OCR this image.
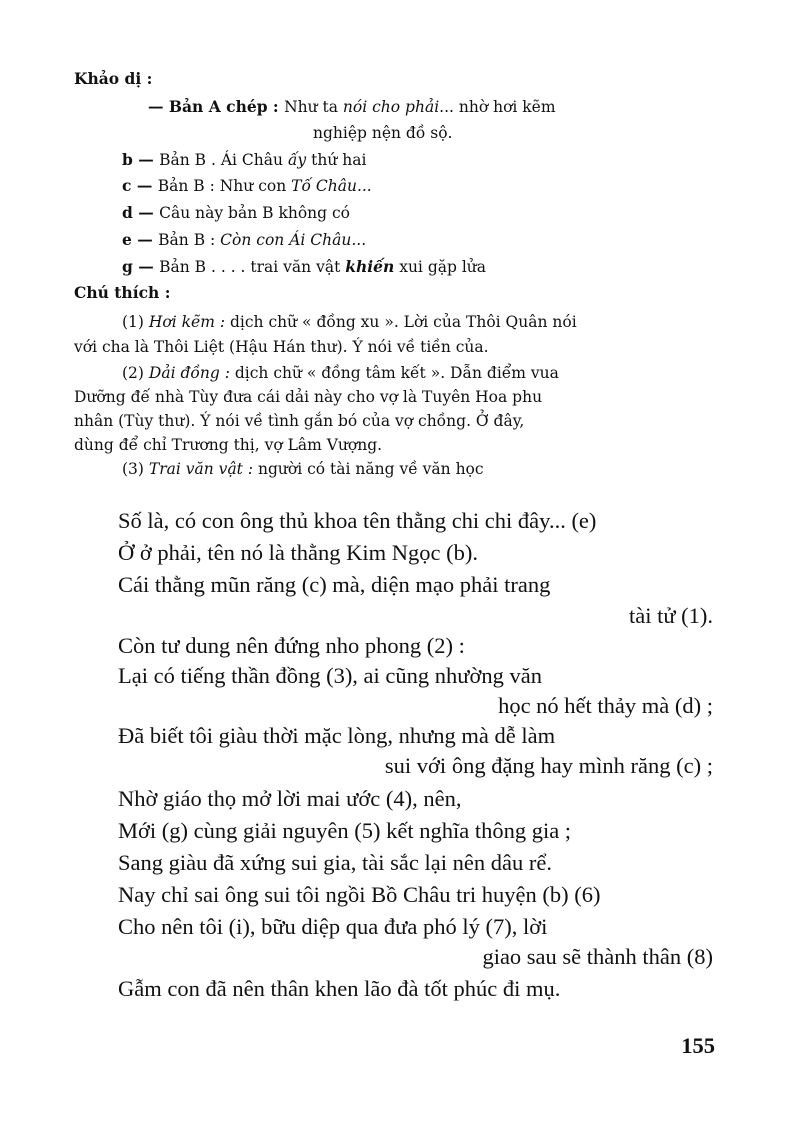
Khảo dị :
— Bản A chép : Như ta nói cho phải... nhờ hơi kẽm
nghiệp nện đồ sộ.
b — Bản B . Ái Châu ấy thứ hai
c — Bản B : Như con Tố Châu...
d — Câu này bản B không có
e — Bản B : Còn con Ái Châu...
g — Bản B . . . . trai văn vật khiến xui gặp lửa
Chú thích :
(1) Hơi kẽm : dịch chữ « đồng xu ». Lời của Thôi Quân nói
với cha là Thôi Liệt (Hậu Hán thư). Ý nói về tiền của.
(2) Dải đồng : dịch chữ « đồng tâm kết ». Dẫn điểm vua
Dưỡng đế nhà Tùy đưa cái dải này cho vợ là Tuyên Hoa phu
nhân (Tùy thư). Ý nói về tình gắn bó của vợ chồng. Ở đây,
dùng để chỉ Trương thị, vợ Lâm Vượng.
(3) Trai văn vật : người có tài năng về văn học
Số là, có con ông thủ khoa tên thằng chi chi đây... (e)
Ở ở phải, tên nó là thằng Kim Ngọc (b).
Cái thằng mũn răng (c) mà, diện mạo phải trang
tài tử (1).
Còn tư dung nên đứng nho phong (2) :
Lại có tiếng thần đồng (3), ai cũng nhường văn
học nó hết thảy mà (d) ;
Đã biết tôi giàu thời mặc lòng, nhưng mà dễ làm
sui với ông đặng hay mình răng (c) ;
Nhờ giáo thọ mở lời mai ước (4), nên,
Mới (g) cùng giải nguyên (5) kết nghĩa thông gia ;
Sang giàu đã xứng sui gia, tài sắc lại nên dâu rể.
Nay chỉ sai ông sui tôi ngồi Bồ Châu tri huyện (b) (6)
Cho nên tôi (i), bữu diệp qua đưa phó lý (7), lời
giao sau sẽ thành thân (8)
Gẫm con đã nên thân khen lão đà tốt phúc đi mụ.
155
